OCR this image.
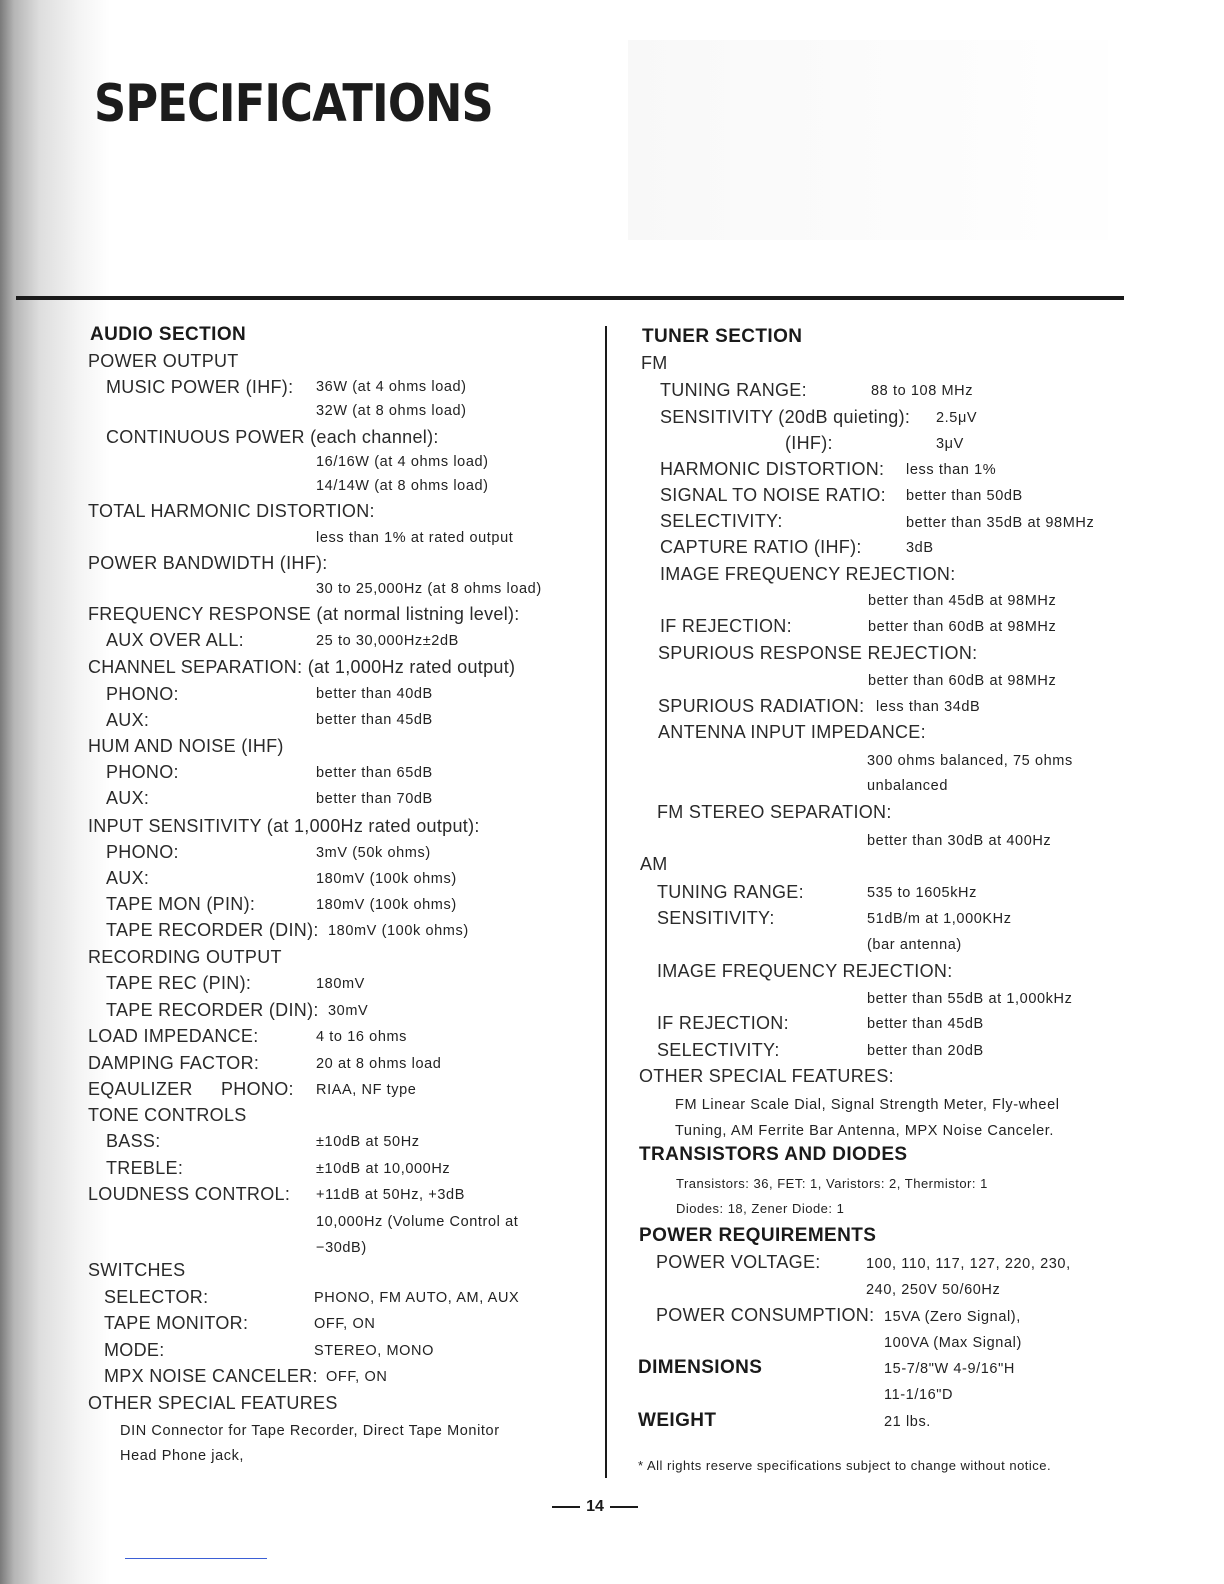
SPECIFICATIONS
AUDIO SECTION
POWER OUTPUT
MUSIC POWER (IHF): 36W (at 4 ohms load)
32W (at 8 ohms load)
CONTINUOUS POWER (each channel):
16/16W (at 4 ohms load)
14/14W (at 8 ohms load)
TOTAL HARMONIC DISTORTION:
less than 1% at rated output
POWER BANDWIDTH (IHF):
30 to 25,000Hz (at 8 ohms load)
FREQUENCY RESPONSE (at normal listning level):
AUX OVER ALL:	25 to 30,000Hz±2dB
CHANNEL SEPARATION: (at 1,000Hz rated output)
PHONO:	better than 40dB
AUX:	better than 45dB
HUM AND NOISE (IHF)
PHONO:	better than 65dB
AUX:	better than 70dB
INPUT SENSITIVITY (at 1,000Hz rated output):
PHONO:	3mV (50k ohms)
AUX:	180mV (100k ohms)
TAPE MON (PIN):	180mV (100k ohms)
TAPE RECORDER (DIN): 180mV (100k ohms)
RECORDING OUTPUT
TAPE REC (PIN):	180mV
TAPE RECORDER (DIN): 30mV
LOAD IMPEDANCE:	4 to 16 ohms
DAMPING FACTOR:	20 at 8 ohms load
EQAULIZER PHONO: RIAA, NF type
TONE CONTROLS
BASS:	±10dB at 50Hz
TREBLE:	±10dB at 10,000Hz
LOUDNESS CONTROL: +11dB at 50Hz, +3dB
10,000Hz (Volume Control at
−30dB)
SWITCHES
SELECTOR:	PHONO, FM AUTO, AM, AUX
TAPE MONITOR:	OFF, ON
MODE:	STEREO, MONO
MPX NOISE CANCELER: OFF, ON
OTHER SPECIAL FEATURES
DIN Connector for Tape Recorder, Direct Tape Monitor
Head Phone jack,
TUNER SECTION
FM
TUNING RANGE:	88 to 108 MHz
SENSITIVITY (20dB quieting): 2.5μV
(IHF):	3μV
HARMONIC DISTORTION: less than 1%
SIGNAL TO NOISE RATIO: better than 50dB
SELECTIVITY:	better than 35dB at 98MHz
CAPTURE RATIO (IHF):	3dB
IMAGE FREQUENCY REJECTION:
better than 45dB at 98MHz
IF REJECTION:	better than 60dB at 98MHz
SPURIOUS RESPONSE REJECTION:
better than 60dB at 98MHz
SPURIOUS RADIATION: less than 34dB
ANTENNA INPUT IMPEDANCE:
300 ohms balanced, 75 ohms
unbalanced
FM STEREO SEPARATION:
better than 30dB at 400Hz
AM
TUNING RANGE:	535 to 1605kHz
SENSITIVITY:	51dB/m at 1,000KHz
(bar antenna)
IMAGE FREQUENCY REJECTION:
better than 55dB at 1,000kHz
IF REJECTION:	better than 45dB
SELECTIVITY:	better than 20dB
OTHER SPECIAL FEATURES:
FM Linear Scale Dial, Signal Strength Meter, Fly-wheel
Tuning, AM Ferrite Bar Antenna, MPX Noise Canceler.
TRANSISTORS AND DIODES
Transistors: 36, FET: 1, Varistors: 2, Thermistor: 1
Diodes: 18, Zener Diode: 1
POWER REQUIREMENTS
POWER VOLTAGE:	100, 110, 117, 127, 220, 230,
240, 250V 50/60Hz
POWER CONSUMPTION: 15VA (Zero Signal),
100VA (Max Signal)
DIMENSIONS	15-7/8"W 4-9/16"H
11-1/16"D
WEIGHT	21 lbs.
* All rights reserve specifications subject to change without notice.
14
